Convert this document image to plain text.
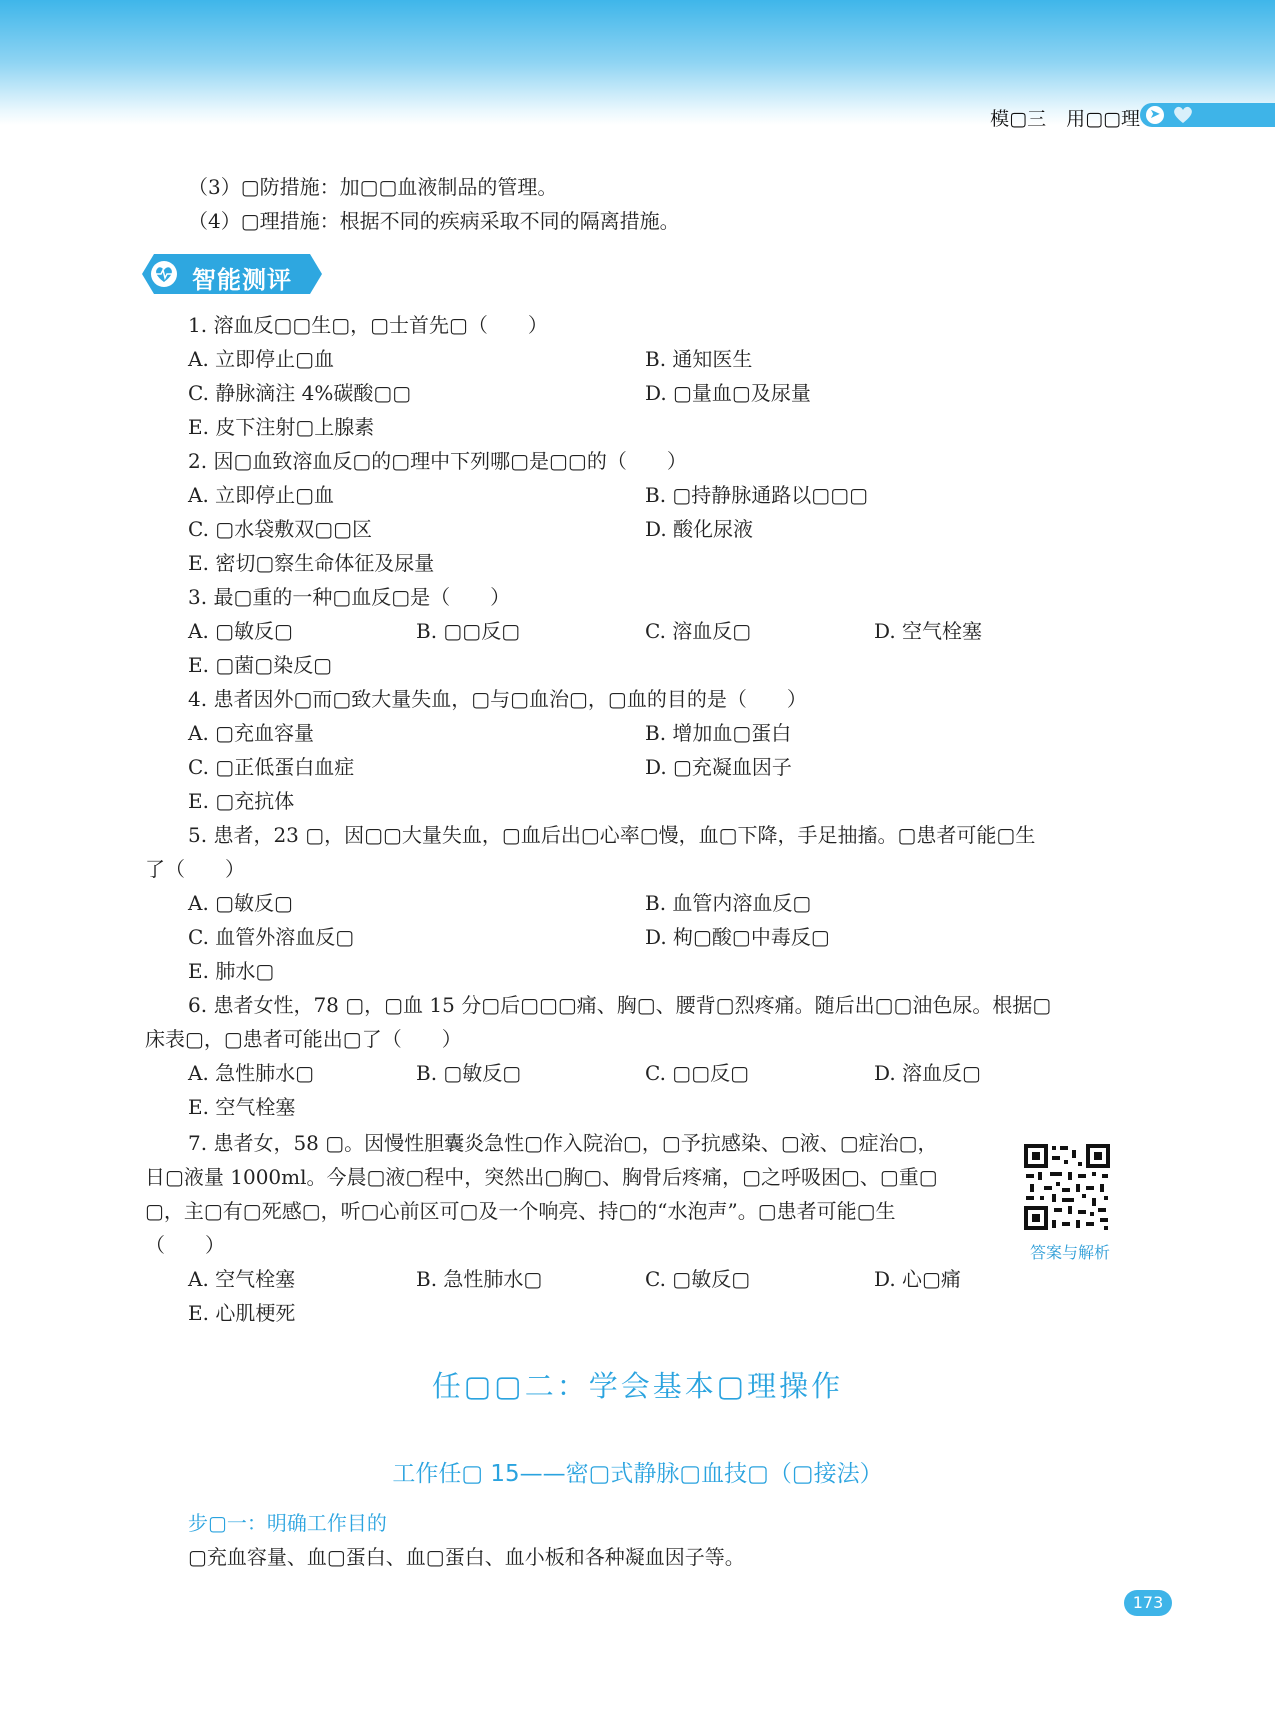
模▢三 用▢▢理 ➤
（3）▢防措施：加▢▢血液制品的管理。
（4）▢理措施：根据不同的疾病采取不同的隔离措施。
智能测评
1. 溶血反▢▢生▢，▢士首先▢（　　）
A. 立即停止▢血	B. 通知医生
C. 静脉滴注 4%碳酸▢▢	D. ▢量血▢及尿量
E. 皮下注射▢上腺素
2. 因▢血致溶血反▢的▢理中下列哪▢是▢▢的（　　）
A. 立即停止▢血	B. ▢持静脉通路以▢▢▢
C. ▢水袋敷双▢▢区	D. 酸化尿液
E. 密切▢察生命体征及尿量
3. 最▢重的一种▢血反▢是（　　）
A. ▢敏反▢	B. ▢▢反▢	C. 溶血反▢	D. 空气栓塞
E. ▢菌▢染反▢
4. 患者因外▢而▢致大量失血，▢与▢血治▢，▢血的目的是（　　）
A. ▢充血容量	B. 增加血▢蛋白
C. ▢正低蛋白血症	D. ▢充凝血因子
E. ▢充抗体
5. 患者，23 ▢，因▢▢大量失血，▢血后出▢心率▢慢，血▢下降，手足抽搐。▢患者可能▢生
了（　　）
A. ▢敏反▢	B. 血管内溶血反▢
C. 血管外溶血反▢	D. 枸▢酸▢中毒反▢
E. 肺水▢
6. 患者女性，78 ▢，▢血 15 分▢后▢▢▢痛、胸▢、腰背▢烈疼痛。随后出▢▢油色尿。根据▢
床表▢，▢患者可能出▢了（　　）
A. 急性肺水▢	B. ▢敏反▢	C. ▢▢反▢	D. 溶血反▢
E. 空气栓塞
7. 患者女，58 ▢。因慢性胆囊炎急性▢作入院治▢，▢予抗感染、▢液、▢症治▢，
日▢液量 1000ml。今晨▢液▢程中，突然出▢胸▢、胸骨后疼痛，▢之呼吸困▢、▢重▢
▢，主▢有▢死感▢，听▢心前区可▢及一个响亮、持▢的“水泡声”。▢患者可能▢生
（　　）
A. 空气栓塞	B. 急性肺水▢	C. ▢敏反▢	D. 心▢痛
E. 心肌梗死
答案与解析
任▢▢二：学会基本▢理操作
工作任▢ 15——密▢式静脉▢血技▢（▢接法）
步▢一：明确工作目的
▢充血容量、血▢蛋白、血▢蛋白、血小板和各种凝血因子等。
173
